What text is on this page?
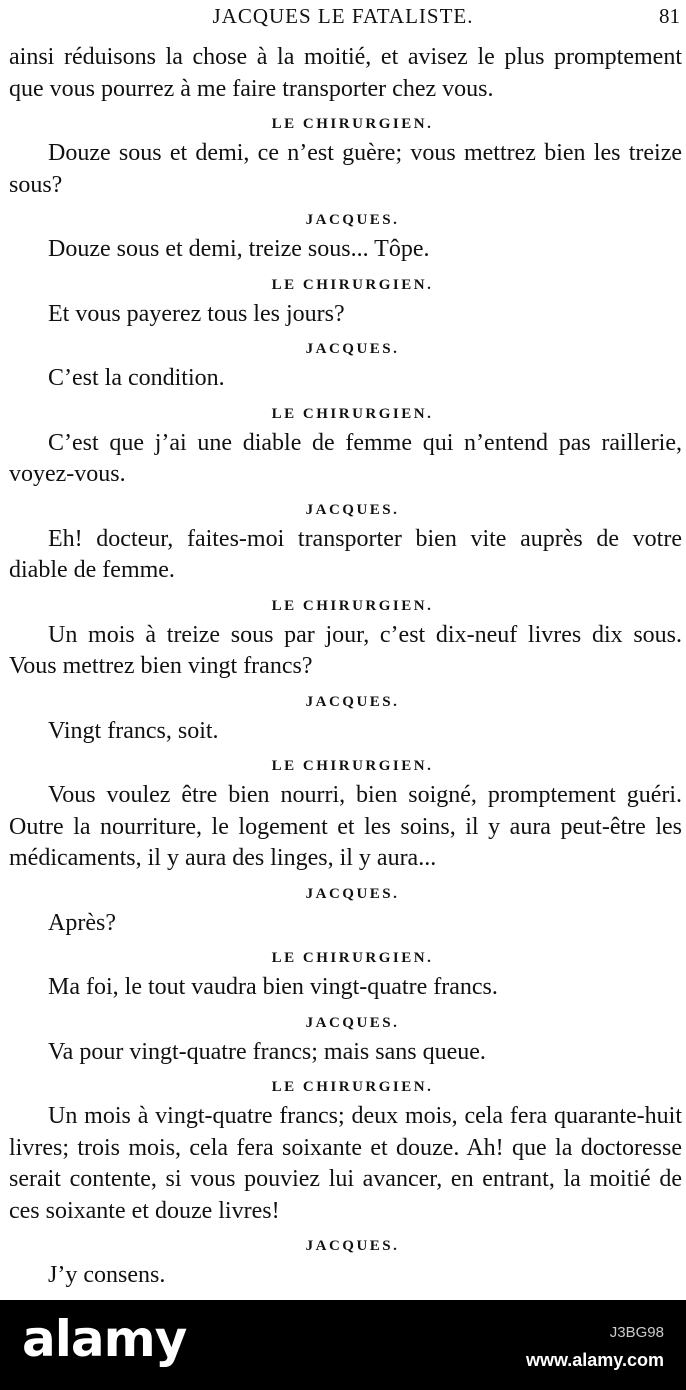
JACQUES LE FATALISTE.	81

ainsi réduisons la chose à la moitié, et avisez le plus promptement que vous pourrez à me faire transporter chez vous.

LE CHIRURGIEN.

Douze sous et demi, ce n’est guère; vous mettrez bien les treize sous?

JACQUES.

Douze sous et demi, treize sous... Tôpe.

LE CHIRURGIEN.

Et vous payerez tous les jours?

JACQUES.

C’est la condition.

LE CHIRURGIEN.

C’est que j’ai une diable de femme qui n’entend pas raillerie, voyez-vous.

JACQUES.

Eh! docteur, faites-moi transporter bien vite auprès de votre diable de femme.

LE CHIRURGIEN.

Un mois à treize sous par jour, c’est dix-neuf livres dix sous. Vous mettrez bien vingt francs?

JACQUES.

Vingt francs, soit.

LE CHIRURGIEN.

Vous voulez être bien nourri, bien soigné, promptement guéri. Outre la nourriture, le logement et les soins, il y aura peut-être les médicaments, il y aura des linges, il y aura...

JACQUES.

Après?

LE CHIRURGIEN.

Ma foi, le tout vaudra bien vingt-quatre francs.

JACQUES.

Va pour vingt-quatre francs; mais sans queue.

LE CHIRURGIEN.

Un mois à vingt-quatre francs; deux mois, cela fera quarante-huit livres; trois mois, cela fera soixante et douze. Ah! que la doctoresse serait contente, si vous pouviez lui avancer, en entrant, la moitié de ces soixante et douze livres!

JACQUES.

J’y consens.

alamy	J3BG98
www.alamy.com
